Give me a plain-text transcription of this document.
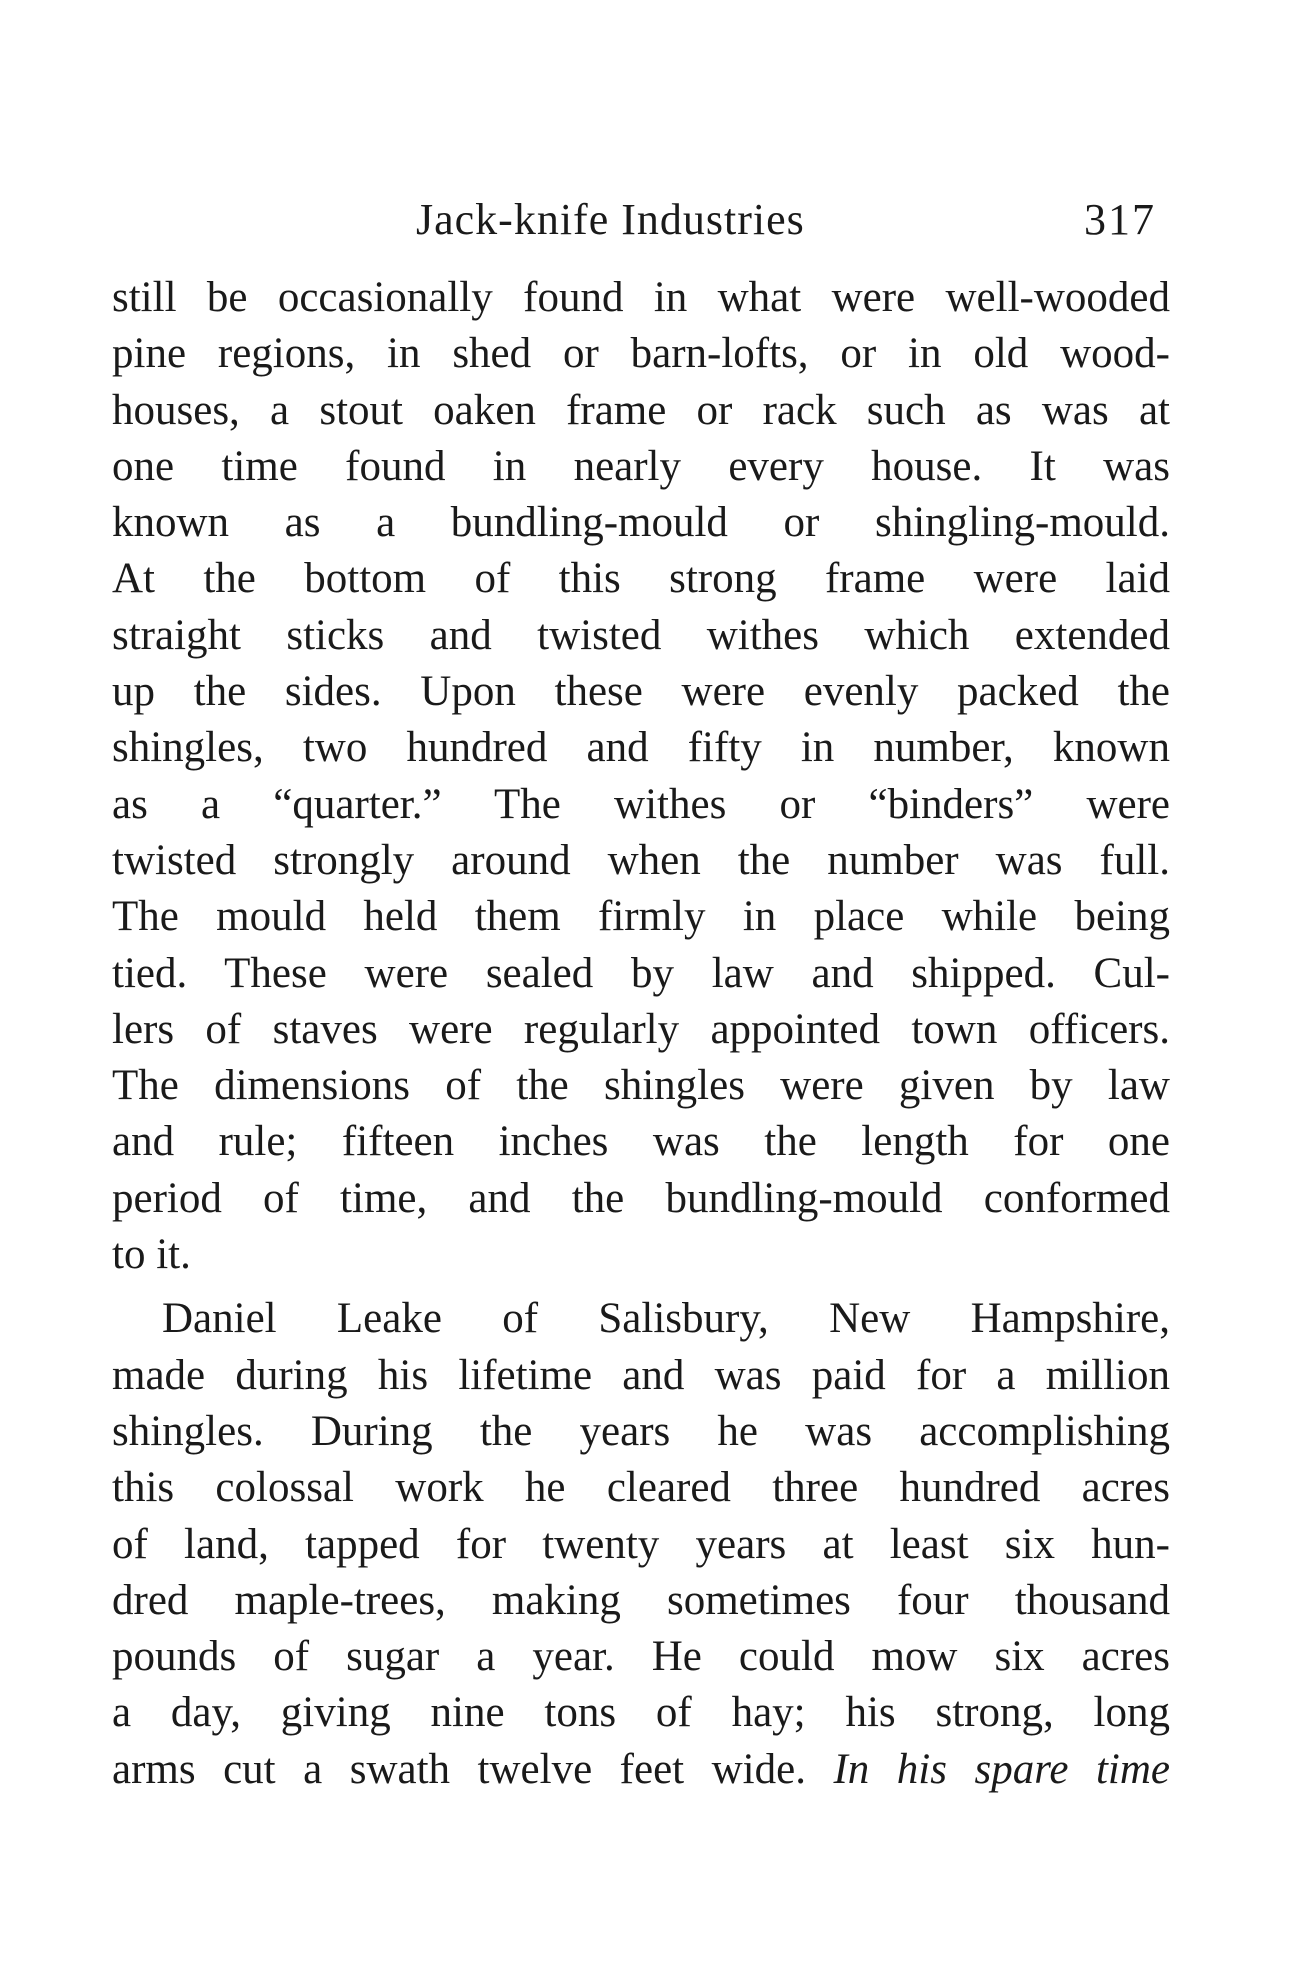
Jack-knife Industries	317
still be occasionally found in what were well-wooded
pine regions, in shed or barn-lofts, or in old wood-
houses, a stout oaken frame or rack such as was at
one time found in nearly every house. It was
known as a bundling-mould or shingling-mould.
At the bottom of this strong frame were laid
straight sticks and twisted withes which extended
up the sides. Upon these were evenly packed the
shingles, two hundred and fifty in number, known
as a “quarter.” The withes or “binders” were
twisted strongly around when the number was full.
The mould held them firmly in place while being
tied. These were sealed by law and shipped. Cul-
lers of staves were regularly appointed town officers.
The dimensions of the shingles were given by law
and rule; fifteen inches was the length for one
period of time, and the bundling-mould conformed
to it.
Daniel Leake of Salisbury, New Hampshire,
made during his lifetime and was paid for a million
shingles. During the years he was accomplishing
this colossal work he cleared three hundred acres
of land, tapped for twenty years at least six hun-
dred maple-trees, making sometimes four thousand
pounds of sugar a year. He could mow six acres
a day, giving nine tons of hay; his strong, long
arms cut a swath twelve feet wide. In his spare time
